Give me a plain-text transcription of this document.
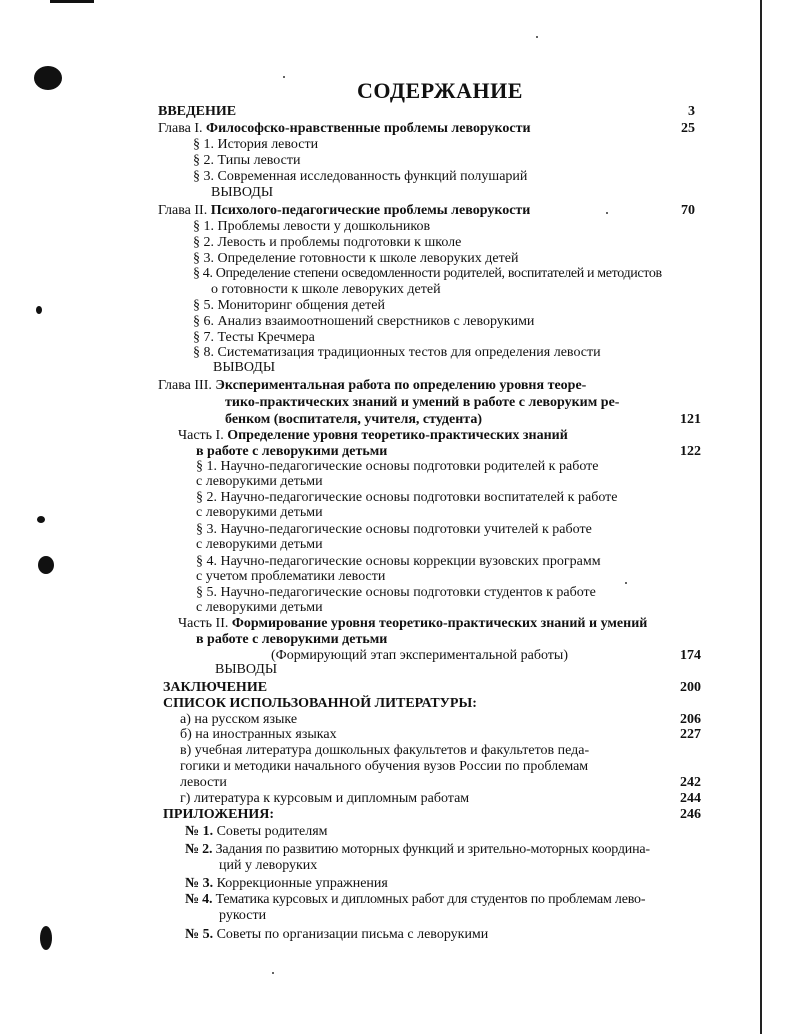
СОДЕРЖАНИЕ
ВВЕДЕНИЕ	3
Глава I. Философско-нравственные проблемы леворукости	25
§ 1. История левости
§ 2. Типы левости
§ 3. Современная исследованность функций полушарий
ВЫВОДЫ
Глава II. Психолого-педагогические проблемы леворукости	70
§ 1. Проблемы левости у дошкольников
§ 2. Левость и проблемы подготовки к школе
§ 3. Определение готовности к школе леворуких детей
§ 4. Определение степени осведомленности родителей, воспитателей и методистов
о готовности к школе леворуких детей
§ 5. Мониторинг общения детей
§ 6. Анализ взаимоотношений сверстников с леворукими
§ 7. Тесты Кречмера
§ 8. Систематизация традиционных тестов для определения левости
ВЫВОДЫ
Глава III. Экспериментальная работа по определению уровня теоре-
тико-практических знаний и умений в работе с леворуким ре-
бенком (воспитателя, учителя, студента)	121
Часть I. Определение уровня теоретико-практических знаний
в работе с леворукими детьми	122
§ 1. Научно-педагогические основы подготовки родителей к работе
с леворукими детьми
§ 2. Научно-педагогические основы подготовки воспитателей к работе
с леворукими детьми
§ 3. Научно-педагогические основы подготовки учителей к работе
с леворукими детьми
§ 4. Научно-педагогические основы коррекции вузовских программ
с учетом проблематики левости
§ 5. Научно-педагогические основы подготовки студентов к работе
с леворукими детьми
Часть II. Формирование уровня теоретико-практических знаний и умений
в работе с леворукими детьми
(Формирующий этап экспериментальной работы)	174
ВЫВОДЫ
ЗАКЛЮЧЕНИЕ	200
СПИСОК ИСПОЛЬЗОВАННОЙ ЛИТЕРАТУРЫ:
а) на русском языке	206
б) на иностранных языках	227
в) учебная литература дошкольных факультетов и факультетов педа-
гогики и методики начального обучения вузов России по проблемам
левости	242
г) литература к курсовым и дипломным работам	244
ПРИЛОЖЕНИЯ:	246
№ 1. Советы родителям
№ 2. Задания по развитию моторных функций и зрительно-моторных координа-
ций у леворуких
№ 3. Коррекционные упражнения
№ 4. Тематика курсовых и дипломных работ для студентов по проблемам лево-
рукости
№ 5. Советы по организации письма с леворукими
